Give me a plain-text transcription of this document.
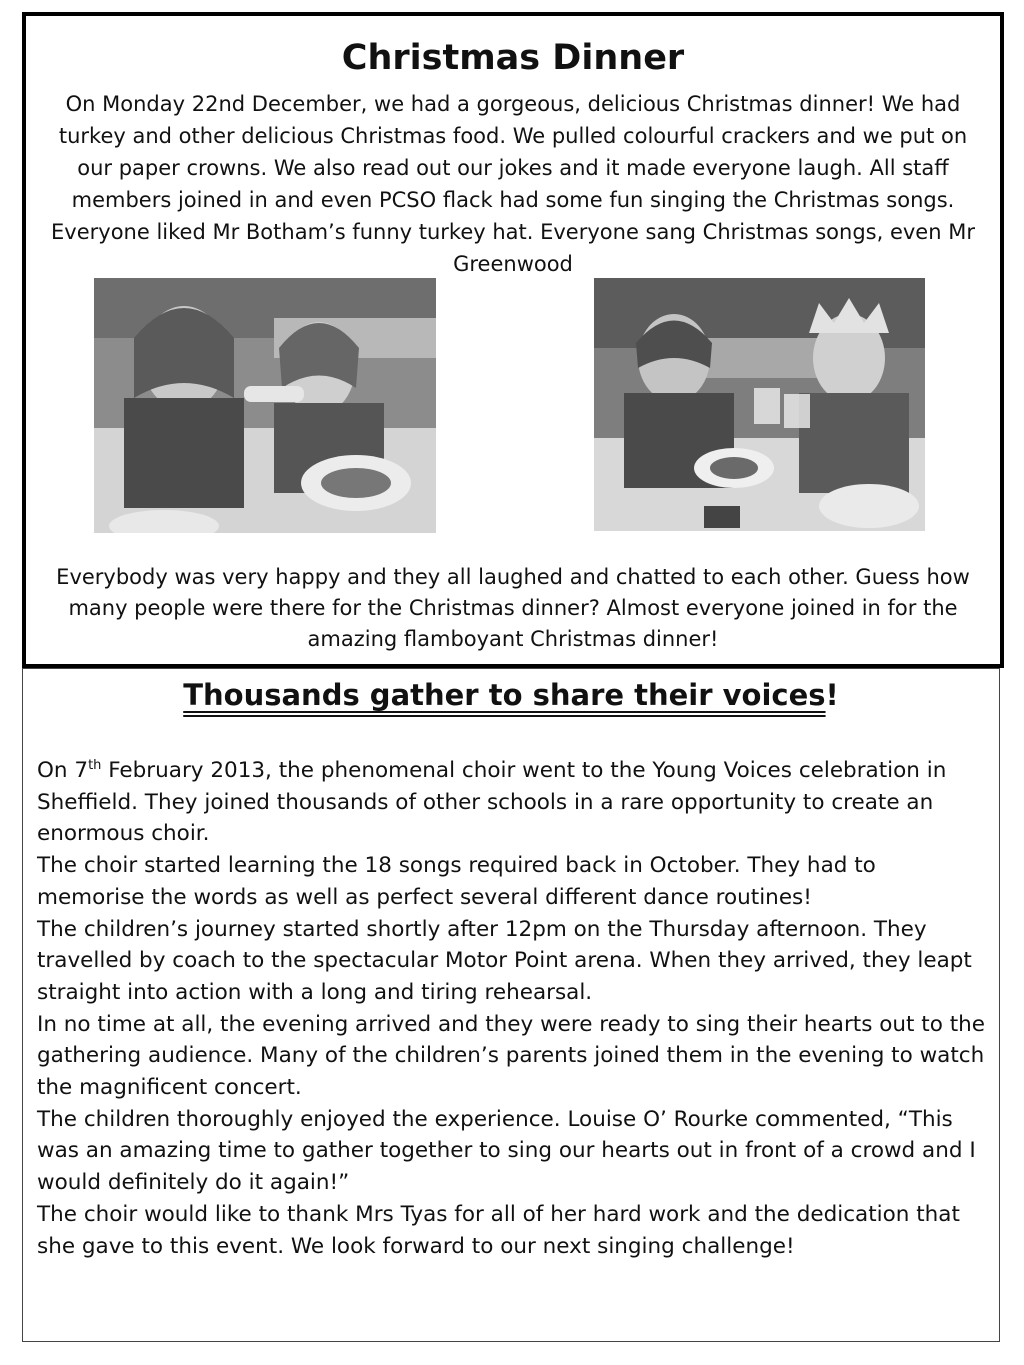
Christmas Dinner
On Monday 22nd December, we had a gorgeous, delicious Christmas dinner! We had turkey and other delicious Christmas food. We pulled colourful crackers and we put on our paper crowns. We also read out our jokes and it made everyone laugh. All staff members joined in and even PCSO flack had some fun singing the Christmas songs. Everyone liked Mr Botham’s funny turkey hat. Everyone sang Christmas songs, even Mr Greenwood
Everybody was very happy and they all laughed and chatted to each other. Guess how many people were there for the Christmas dinner? Almost everyone joined in for the amazing flamboyant Christmas dinner!
Thousands gather to share their voices!

On 7th February 2013, the phenomenal choir went to the Young Voices celebration in Sheffield. They joined thousands of other schools in a rare opportunity to create an enormous choir.

The choir started learning the 18 songs required back in October. They had to memorise the words as well as perfect several different dance routines!

The children’s journey started shortly after 12pm on the Thursday afternoon. They travelled by coach to the spectacular Motor Point arena. When they arrived, they leapt straight into action with a long and tiring rehearsal.

In no time at all, the evening arrived and they were ready to sing their hearts out to the gathering audience. Many of the children’s parents joined them in the evening to watch the magnificent concert.

The children thoroughly enjoyed the experience. Louise O’ Rourke commented, “This was an amazing time to gather together to sing our hearts out in front of a crowd and I would definitely do it again!”

The choir would like to thank Mrs Tyas for all of her hard work and the dedication that she gave to this event. We look forward to our next singing challenge!
